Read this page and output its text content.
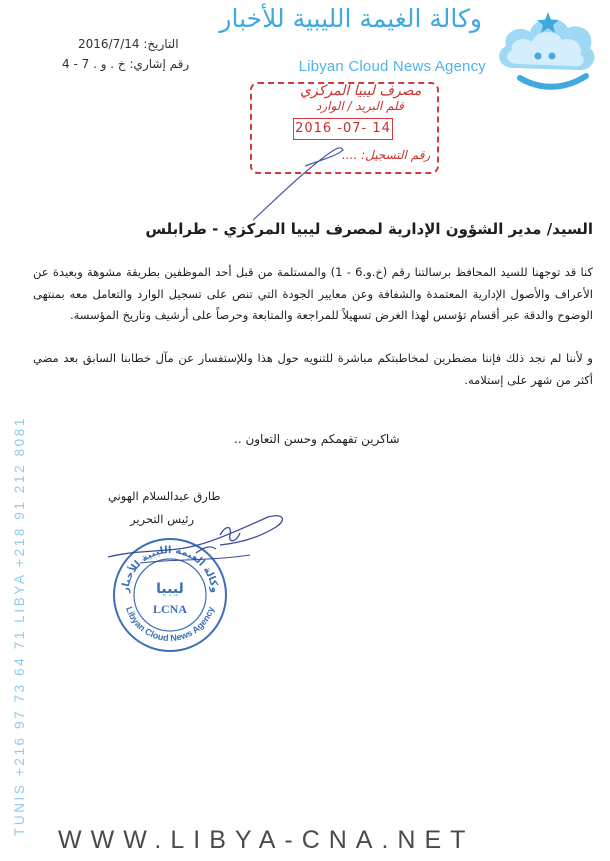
وكالة الغيمة الليبية للأخبار
Libyan Cloud News Agency
التاريخ: 2016/7/14
رقم إشاري: خ . و . 7 - 4
مصرف ليبيا المركزي
قلم البريد / الوارد
2016 -07- 14
رقم التسجيل: ....
السيد/ مدير الشؤون الإدارية لمصرف ليبيا المركزي - طرابلس
كنا قد توجهنا للسيد المحافظ برسالتنا رقم (خ.و.6 - 1) والمستلمة من قبل أحد الموظفين بطريقة مشوهة وبعيدة عن الأعراف والأصول الإدارية المعتمدة والشفافة وعن معايير الجودة التي تنص على تسجيل الوارد والتعامل معه بمنتهى الوضوح والدقة عبر أقسام تؤسس لهذا الغرض تسهيلاً للمراجعة والمتابعة وحرصاً على أرشيف وتاريخ المؤسسة.
و لأننا لم نجد ذلك فإننا مضطرين لمخاطبتكم مباشرة للتنويه حول هذا وللإستفسار عن مآل خطابنا السابق بعد مضي أكثر من شهر على إستلامه.
شاكرين تفهمكم وحسن التعاون ..
طارق عبدالسلام الهوني
رئيس التحرير
وكالة الغيمة الليبية للأخبار
Libyan Cloud News Agency
ليبيا
LCNA
TUNIS +216 97 73 64 71 LIBYA +218 91 212 8081
WWW.LIBYA-CNA.NET
